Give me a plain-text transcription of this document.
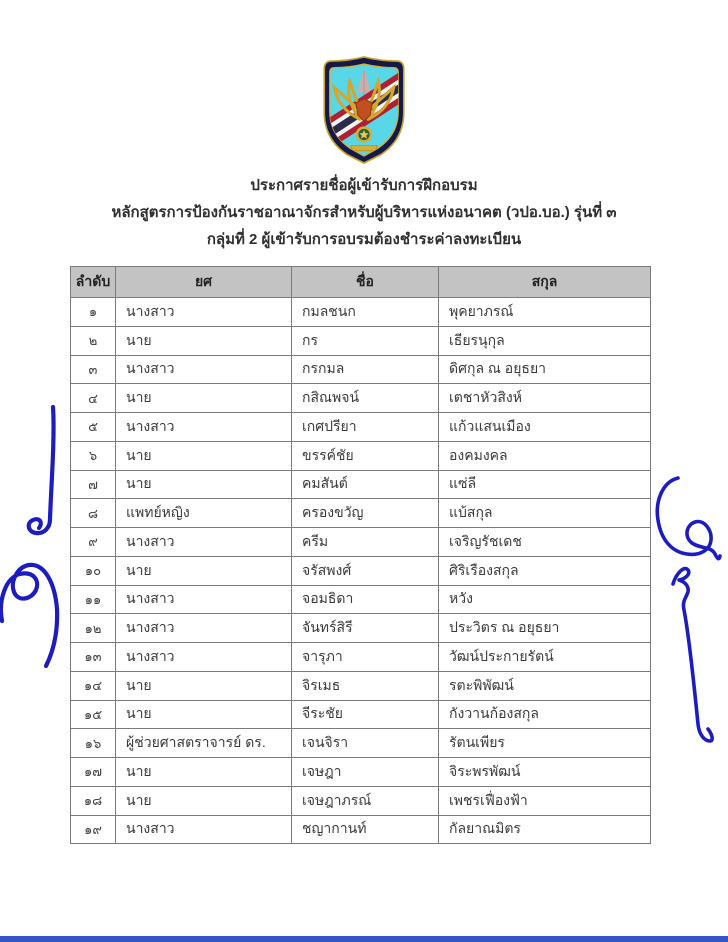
ประกาศรายชื่อผู้เข้ารับการฝึกอบรม
หลักสูตรการป้องกันราชอาณาจักรสำหรับผู้บริหารแห่งอนาคต (วปอ.บอ.) รุ่นที่ ๓
กลุ่มที่ 2 ผู้เข้ารับการอบรมต้องชำระค่าลงทะเบียน
ลำดับ	ยศ	ชื่อ	สกุล
๑	นางสาว	กมลชนก	พุคยาภรณ์
๒	นาย	กร	เธียรนุกุล
๓	นางสาว	กรกมล	ดิศกุล ณ อยุธยา
๔	นาย	กสิณพจน์	เตชาหัวสิงห์
๕	นางสาว	เกศปรียา	แก้วแสนเมือง
๖	นาย	ขรรค์ชัย	องคมงคล
๗	นาย	คมสันต์	แซ่ลี
๘	แพทย์หญิง	ครองขวัญ	แบ้สกุล
๙	นางสาว	ครีม	เจริญรัชเดช
๑๐	นาย	จรัสพงศ์	ศิริเรืองสกุล
๑๑	นางสาว	จอมธิดา	หวัง
๑๒	นางสาว	จันทร์สิรี	ประวิตร ณ อยุธยา
๑๓	นางสาว	จารุภา	วัฒน์ประกายรัตน์
๑๔	นาย	จิรเมธ	รตะพิพัฒน์
๑๕	นาย	จีระชัย	กังวานก้องสกุล
๑๖	ผู้ช่วยศาสตราจารย์ ดร.	เจนจิรา	รัตนเพียร
๑๗	นาย	เจษฎา	จิระพรพัฒน์
๑๘	นาย	เจษฎาภรณ์	เพชรเฟื่องฟ้า
๑๙	นางสาว	ชญากานท์	กัลยาณมิตร
